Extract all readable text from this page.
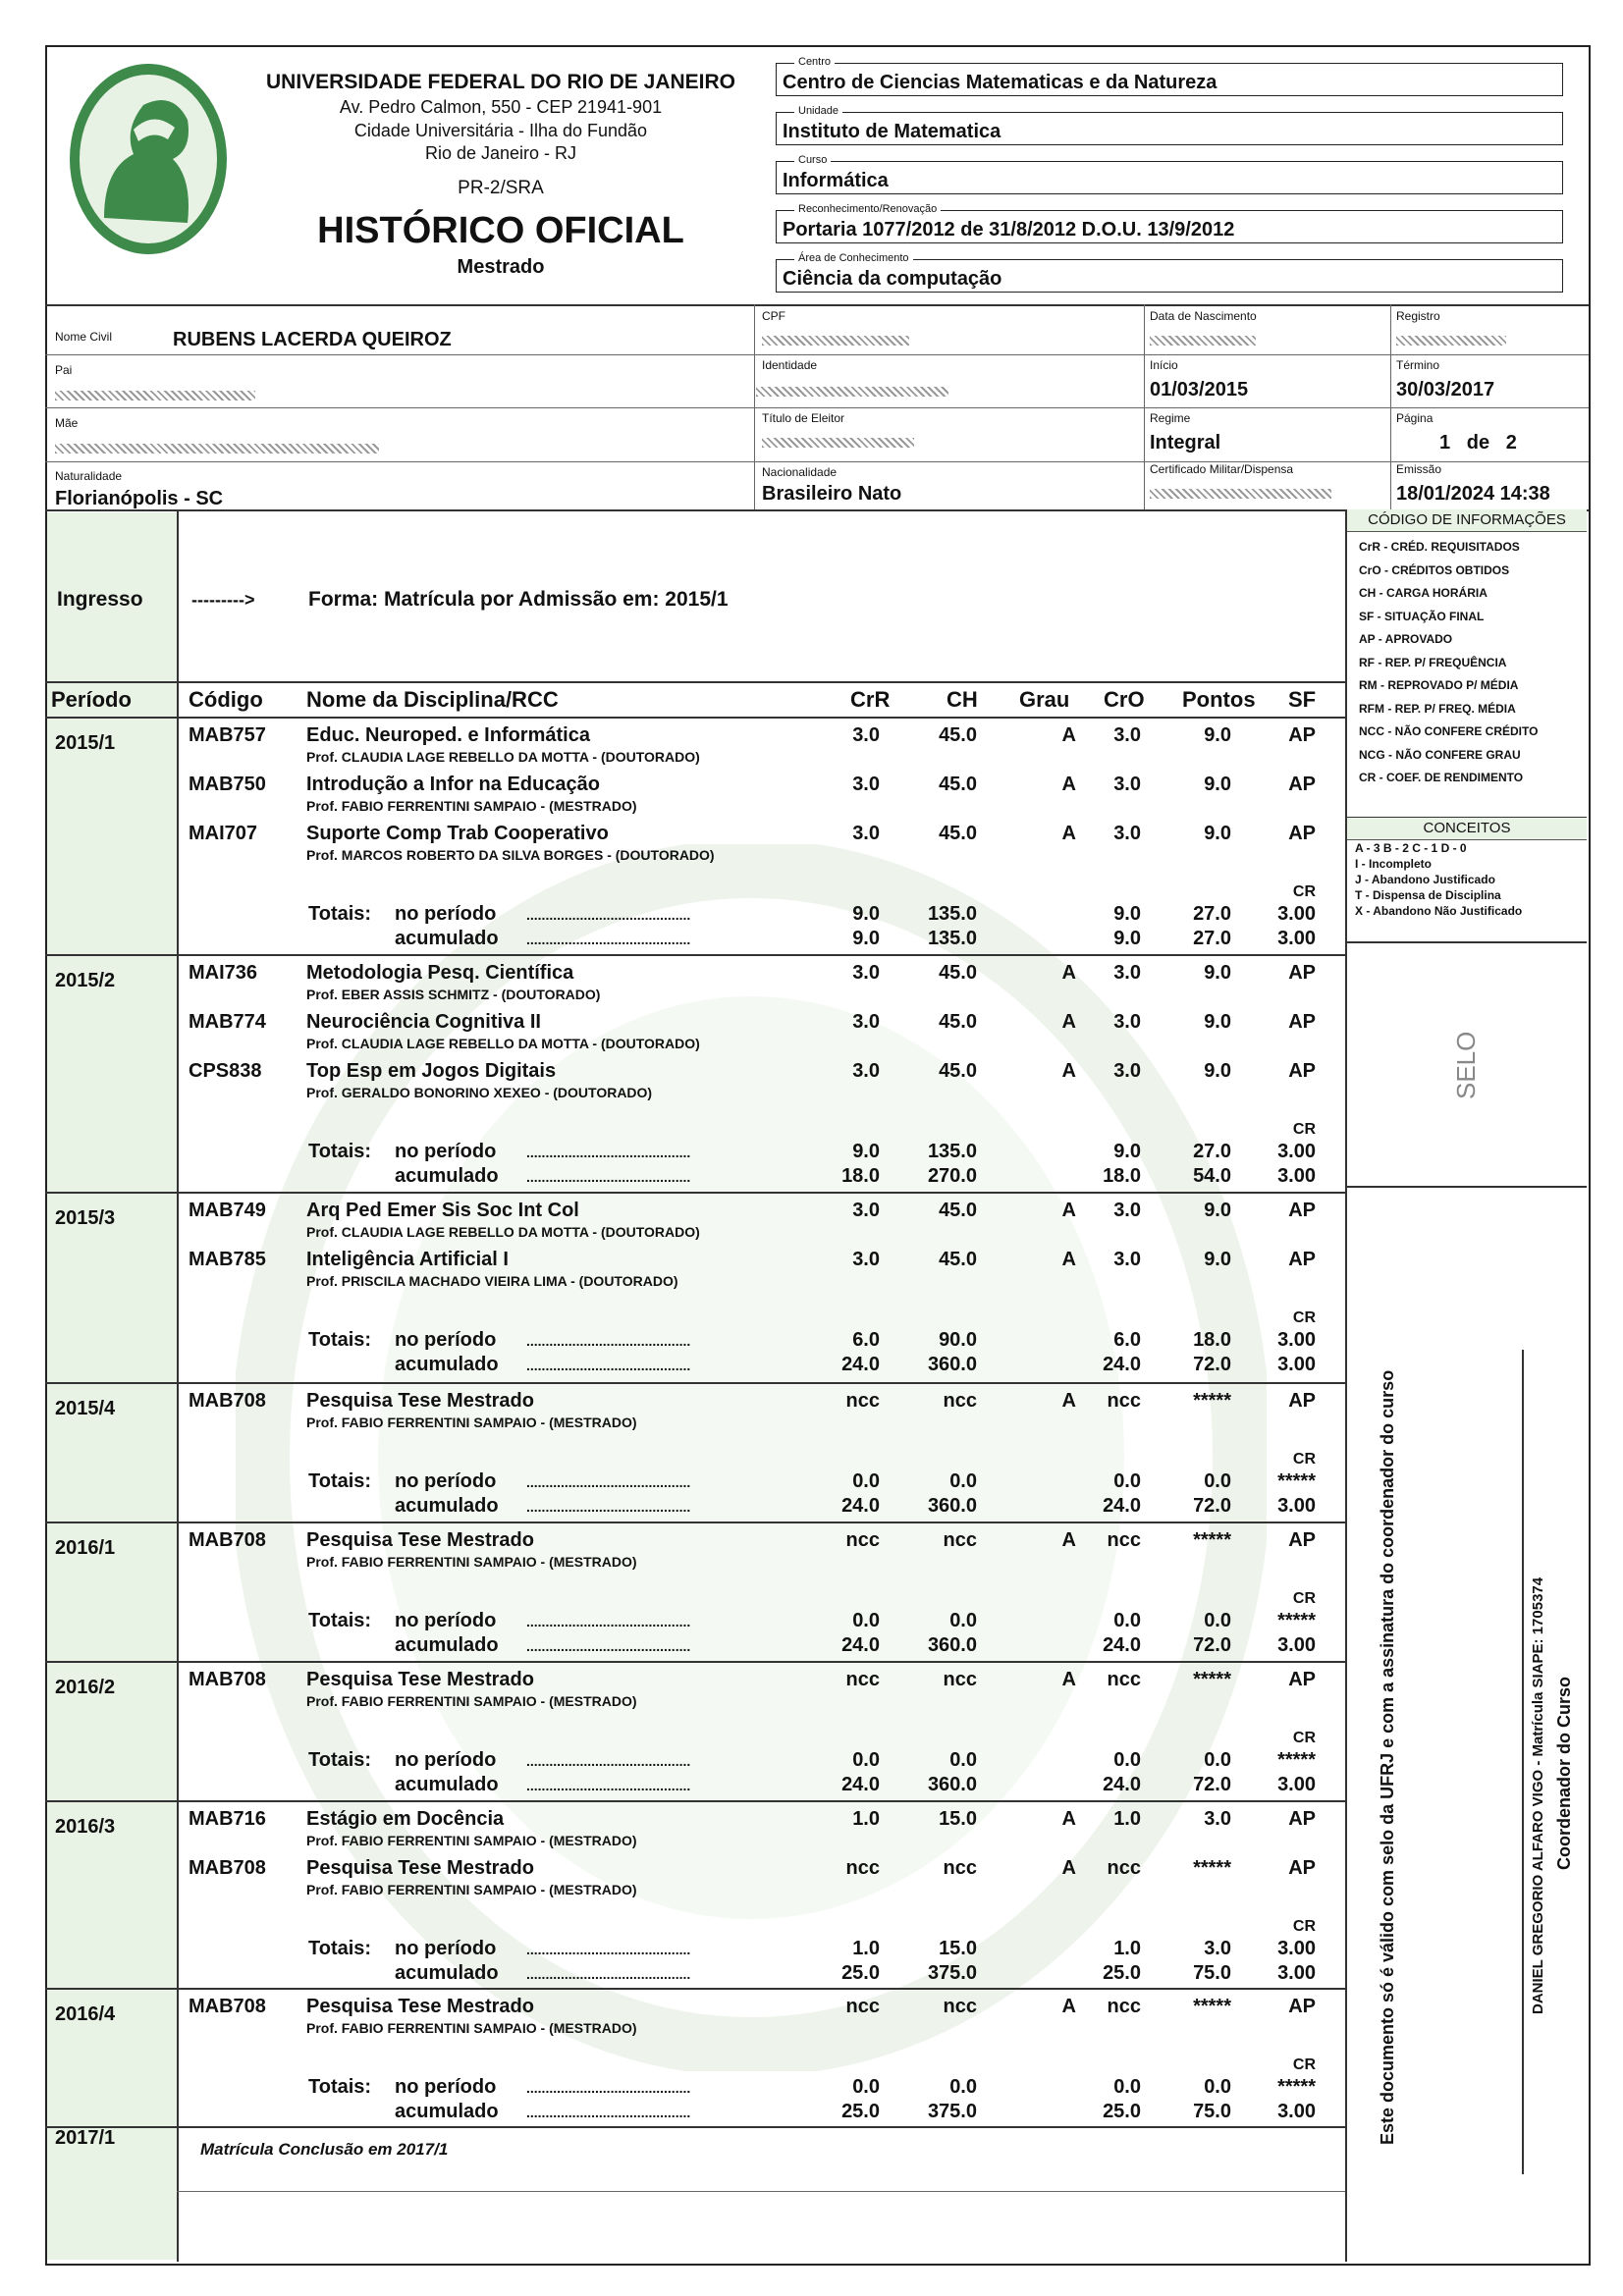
UNIVERSIDADE FEDERAL DO RIO DE JANEIRO
Av. Pedro Calmon, 550 - CEP 21941-901
Cidade Universitária - Ilha do Fundão
Rio de Janeiro - RJ
PR-2/SRA
HISTÓRICO OFICIAL
Mestrado
Centro
Centro de Ciencias Matematicas e da Natureza
Unidade
Instituto de Matematica
Curso
Informática
Reconhecimento/Renovação
Portaria 1077/2012 de 31/8/2012 D.O.U. 13/9/2012
Área de Conhecimento
Ciência da computação
Nome Civil	RUBENS LACERDA QUEIROZ
Pai
Mãe
Naturalidade
Florianópolis - SC
CPF
Identidade
Título de Eleitor
Nacionalidade
Brasileiro Nato
Data de Nascimento
Início
01/03/2015
Regime
Integral
Certificado Militar/Dispensa
Registro
Término
30/03/2017
Página
1   de   2
Emissão
18/01/2024 14:38
Ingresso	--------->	Forma: Matrícula por Admissão em: 2015/1
Período	Código Nome da Disciplina/RCC	CrR	CH Grau CrO Pontos SF
2015/1	MAB757 Educ. Neuroped. e Informática
Prof. CLAUDIA LAGE REBELLO DA MOTTA - (DOUTORADO)
3.0	45.0	A	3.0	9.0	AP
MAB750 Introdução a Infor na Educação
Prof. FABIO FERRENTINI SAMPAIO - (MESTRADO)
3.0	45.0	A	3.0	9.0	AP
MAI707 Suporte Comp Trab Cooperativo
Prof. MARCOS ROBERTO DA SILVA BORGES - (DOUTORADO)
3.0	45.0	A	3.0	9.0	AP
CR
Totais: no período
acumulado
...........................................
...........................................
9.0	135.0	9.0	27.0	3.00
9.0	135.0	9.0	27.0	3.00
2015/2	MAI736 Metodologia Pesq. Científica
Prof. EBER ASSIS SCHMITZ - (DOUTORADO)
3.0	45.0	A	3.0	9.0	AP
MAB774 Neurociência Cognitiva II
Prof. CLAUDIA LAGE REBELLO DA MOTTA - (DOUTORADO)
3.0	45.0	A	3.0	9.0	AP
CPS838 Top Esp em Jogos Digitais
Prof. GERALDO BONORINO XEXEO - (DOUTORADO)
3.0	45.0	A	3.0	9.0	AP
CR
Totais: no período
acumulado
...........................................
...........................................
9.0	135.0	9.0	27.0	3.00
18.0	270.0	18.0	54.0	3.00
2015/3	MAB749 Arq Ped Emer Sis Soc Int Col
Prof. CLAUDIA LAGE REBELLO DA MOTTA - (DOUTORADO)
3.0	45.0	A	3.0	9.0	AP
MAB785 Inteligência Artificial I
Prof. PRISCILA MACHADO VIEIRA LIMA - (DOUTORADO)
3.0	45.0	A	3.0	9.0	AP
CR
Totais: no período
acumulado
...........................................
...........................................
6.0	90.0	6.0	18.0	3.00
24.0	360.0	24.0	72.0	3.00
2015/4	MAB708 Pesquisa Tese Mestrado
Prof. FABIO FERRENTINI SAMPAIO - (MESTRADO)
ncc	ncc	A	ncc	*****	AP
CR
Totais: no período
acumulado
...........................................
...........................................
0.0	0.0	0.0	0.0	*****
24.0	360.0	24.0	72.0	3.00
2016/1	MAB708 Pesquisa Tese Mestrado
Prof. FABIO FERRENTINI SAMPAIO - (MESTRADO)
ncc	ncc	A	ncc	*****	AP
CR
Totais: no período
acumulado
...........................................
...........................................
0.0	0.0	0.0	0.0	*****
24.0	360.0	24.0	72.0	3.00
2016/2	MAB708 Pesquisa Tese Mestrado
Prof. FABIO FERRENTINI SAMPAIO - (MESTRADO)
ncc	ncc	A	ncc	*****	AP
CR
Totais: no período
acumulado
...........................................
...........................................
0.0	0.0	0.0	0.0	*****
24.0	360.0	24.0	72.0	3.00
2016/3	MAB716 Estágio em Docência
Prof. FABIO FERRENTINI SAMPAIO - (MESTRADO)
1.0	15.0	A	1.0	3.0	AP
MAB708 Pesquisa Tese Mestrado
Prof. FABIO FERRENTINI SAMPAIO - (MESTRADO)
ncc	ncc	A	ncc	*****	AP
CR
Totais: no período
acumulado
...........................................
...........................................
1.0	15.0	1.0	3.0	3.00
25.0	375.0	25.0	75.0	3.00
2016/4	MAB708 Pesquisa Tese Mestrado
Prof. FABIO FERRENTINI SAMPAIO - (MESTRADO)
ncc	ncc	A	ncc	*****	AP
CR
Totais: no período
acumulado
...........................................
...........................................
0.0	0.0	0.0	0.0	*****
25.0	375.0	25.0	75.0	3.00
2017/1
Matrícula Conclusão em 2017/1
CÓDIGO DE INFORMAÇÕES
CrR - CRÉD. REQUISITADOS
CrO - CRÉDITOS OBTIDOS
CH - CARGA HORÁRIA
SF - SITUAÇÃO FINAL
AP - APROVADO
RF - REP. P/ FREQUÊNCIA
RM - REPROVADO P/ MÉDIA
RFM - REP. P/ FREQ. MÉDIA
NCC - NÃO CONFERE CRÉDITO
NCG - NÃO CONFERE GRAU
CR - COEF. DE RENDIMENTO
CONCEITOS
A - 3 B - 2 C - 1 D - 0
I - Incompleto
J - Abandono Justificado
T - Dispensa de Disciplina
X - Abandono Não Justificado
SELO
Este documento só é válido com selo da UFRJ e com a assinatura do coordenador do curso	DANIEL GREGORIO ALFARO VIGO - Matrícula SIAPE: 1705374 Coordenador do Curso
